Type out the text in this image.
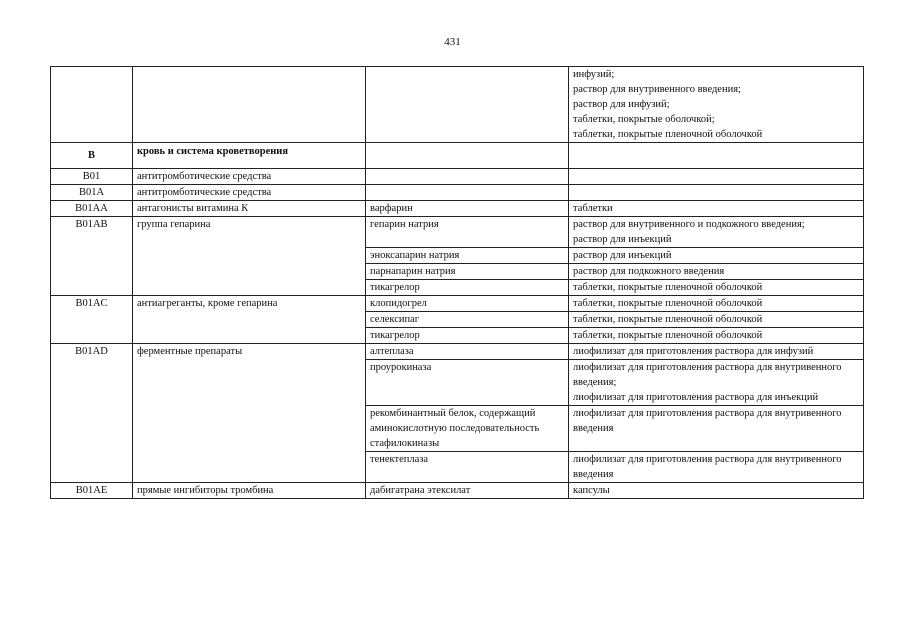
431
			инфузий;
раствор для внутривенного введения;
раствор для инфузий;
таблетки, покрытые оболочкой;
таблетки, покрытые пленочной оболочкой
B	кровь и система кроветворения		
B01	антитромботические средства		
B01A	антитромботические средства		
B01AA	антагонисты витамина К	варфарин	таблетки
B01AB	группа гепарина	гепарин натрия	раствор для внутривенного и подкожного введения;
раствор для инъекций
		эноксапарин натрия	раствор для инъекций
		парнапарин натрия	раствор для подкожного введения
		тикагрелор	таблетки, покрытые пленочной оболочкой
B01AC	антиагреганты, кроме гепарина	клопидогрел	таблетки, покрытые пленочной оболочкой
		селексипаг	таблетки, покрытые пленочной оболочкой
		тикагрелор	таблетки, покрытые пленочной оболочкой
B01AD	ферментные препараты	алтеплаза	лиофилизат для приготовления раствора для инфузий
		проурокиназа	лиофилизат для приготовления раствора для внутривенного введения;
лиофилизат для приготовления раствора для инъекций
		рекомбинантный белок, содержащий аминокислотную последовательность стафилокиназы	лиофилизат для приготовления раствора для внутривенного введения
		тенектеплаза	лиофилизат для приготовления раствора для внутривенного введения
B01AE	прямые ингибиторы тромбина	дабигатрана этексилат	капсулы
